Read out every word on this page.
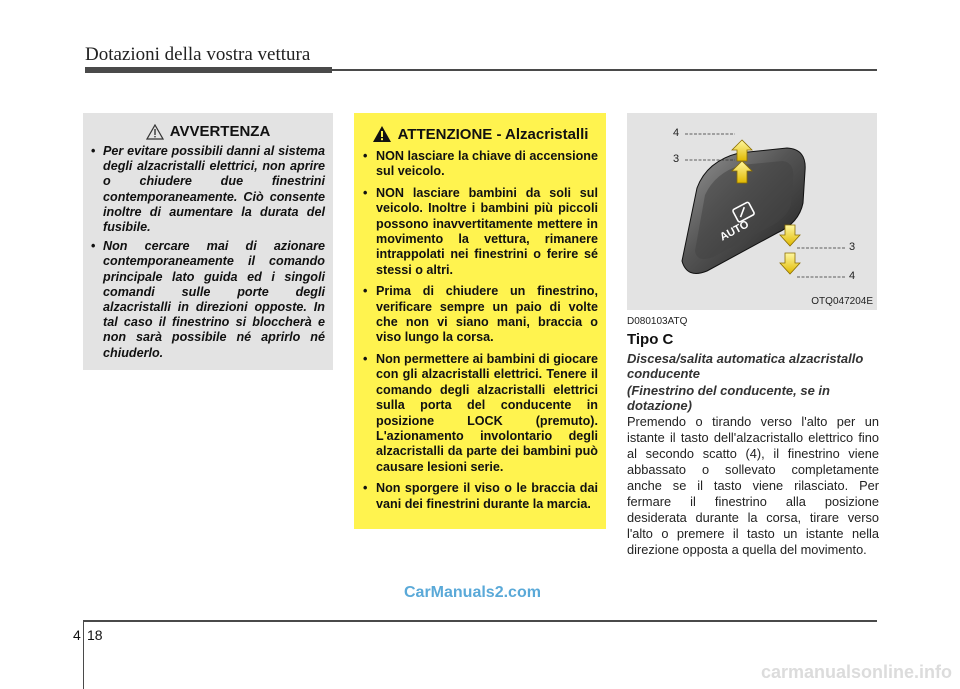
Dotazioni della vostra vettura
AVVERTENZA
• Per evitare possibili danni al sistema degli alzacristalli elettrici, non aprire o chiudere due finestrini contemporaneamente. Ciò consente inoltre di aumentare la durata del fusibile.
• Non cercare mai di azionare contemporaneamente il comando principale lato guida ed i singoli comandi sulle porte degli alzacristalli in direzioni opposte. In tal caso il finestrino si bloccherà e non sarà possibile né aprirlo né chiuderlo.
ATTENZIONE - Alzacristalli
• NON lasciare la chiave di accensione sul veicolo.
• NON lasciare bambini da soli sul veicolo. Inoltre i bambini più piccoli possono inavvertitamente mettere in movimento la vettura, rimanere intrappolati nei finestrini o ferire sé stessi o altri.
• Prima di chiudere un finestrino, verificare sempre un paio di volte che non vi siano mani, braccia o viso lungo la corsa.
• Non permettere ai bambini di giocare con gli alzacristalli elettrici. Tenere il comando degli alzacristalli elettrici sulla porta del conducente in posizione LOCK (premuto). L'azionamento involontario degli alzacristalli da parte dei bambini può causare lesioni serie.
• Non sporgere il viso o le braccia dai vani dei finestrini durante la marcia.
AUTO
4
3
3
4
OTQ047204E
D080103ATQ
Tipo C
Discesa/salita automatica alzacristallo conducente
(Finestrino del conducente, se in dotazione)
Premendo o tirando verso l'alto per un istante il tasto dell'alzacristallo elettrico fino al secondo scatto (4), il finestrino viene abbassato o sollevato completamente anche se il tasto viene rilasciato. Per fermare il finestrino alla posizione desiderata durante la corsa, tirare verso l'alto o premere il tasto un istante nella direzione opposta a quella del movimento.
CarManuals2.com
4 18
carmanualsonline.info
